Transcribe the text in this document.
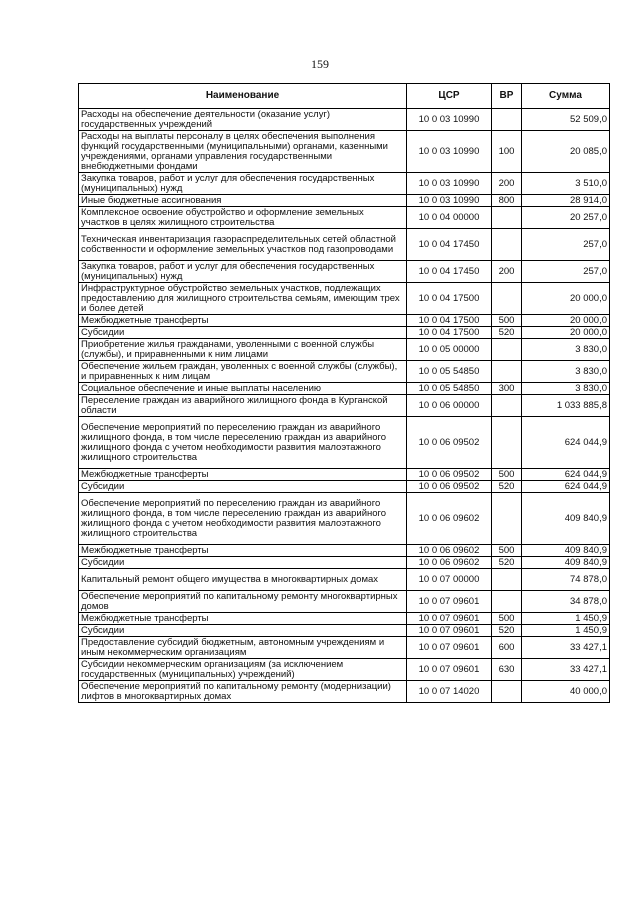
159
Наименование	ЦСР	ВР	Сумма
Расходы на обеспечение деятельности (оказание услуг) государственных учреждений	10 0 03 10990		52 509,0
Расходы на выплаты персоналу в целях обеспечения выполнения функций государственными (муниципальными) органами, казенными учреждениями, органами управления государственными внебюджетными фондами	10 0 03 10990	100	20 085,0
Закупка товаров, работ и услуг для обеспечения государственных (муниципальных) нужд	10 0 03 10990	200	3 510,0
Иные бюджетные ассигнования	10 0 03 10990	800	28 914,0
Комплексное освоение обустройство и оформление земельных участков в целях жилищного строительства	10 0 04 00000		20 257,0
Техническая инвентаризация газораспределительных сетей областной собственности и оформление земельных участков под газопроводами	10 0 04 17450		257,0
Закупка товаров, работ и услуг для обеспечения государственных (муниципальных) нужд	10 0 04 17450	200	257,0
Инфраструктурное обустройство земельных участков, подлежащих предоставлению для жилищного строительства семьям, имеющим трех и более детей	10 0 04 17500		20 000,0
Межбюджетные трансферты	10 0 04 17500	500	20 000,0
Субсидии	10 0 04 17500	520	20 000,0
Приобретение жилья гражданами, уволенными с военной службы (службы), и приравненными к ним лицами	10 0 05 00000		3 830,0
Обеспечение жильем граждан, уволенных с военной службы (службы), и приравненных к ним лицам	10 0 05 54850		3 830,0
Социальное обеспечение и иные выплаты населению	10 0 05 54850	300	3 830,0
Переселение граждан из аварийного жилищного фонда в Курганской области	10 0 06 00000		1 033 885,8
Обеспечение мероприятий по переселению граждан из аварийного жилищного фонда, в том числе переселению граждан из аварийного жилищного фонда с учетом необходимости развития малоэтажного жилищного строительства	10 0 06 09502		624 044,9
Межбюджетные трансферты	10 0 06 09502	500	624 044,9
Субсидии	10 0 06 09502	520	624 044,9
Обеспечение мероприятий по переселению граждан из аварийного жилищного фонда, в том числе переселению граждан из аварийного жилищного фонда с учетом необходимости развития малоэтажного жилищного строительства	10 0 06 09602		409 840,9
Межбюджетные трансферты	10 0 06 09602	500	409 840,9
Субсидии	10 0 06 09602	520	409 840,9
Капитальный ремонт общего имущества в многоквартирных домах	10 0 07 00000		74 878,0
Обеспечение мероприятий по капитальному ремонту многоквартирных домов	10 0 07 09601		34 878,0
Межбюджетные трансферты	10 0 07 09601	500	1 450,9
Субсидии	10 0 07 09601	520	1 450,9
Предоставление субсидий бюджетным, автономным учреждениям и иным некоммерческим организациям	10 0 07 09601	600	33 427,1
Субсидии некоммерческим организациям (за исключением государственных (муниципальных) учреждений)	10 0 07 09601	630	33 427,1
Обеспечение мероприятий по капитальному ремонту (модернизации) лифтов в многоквартирных домах	10 0 07 14020		40 000,0
